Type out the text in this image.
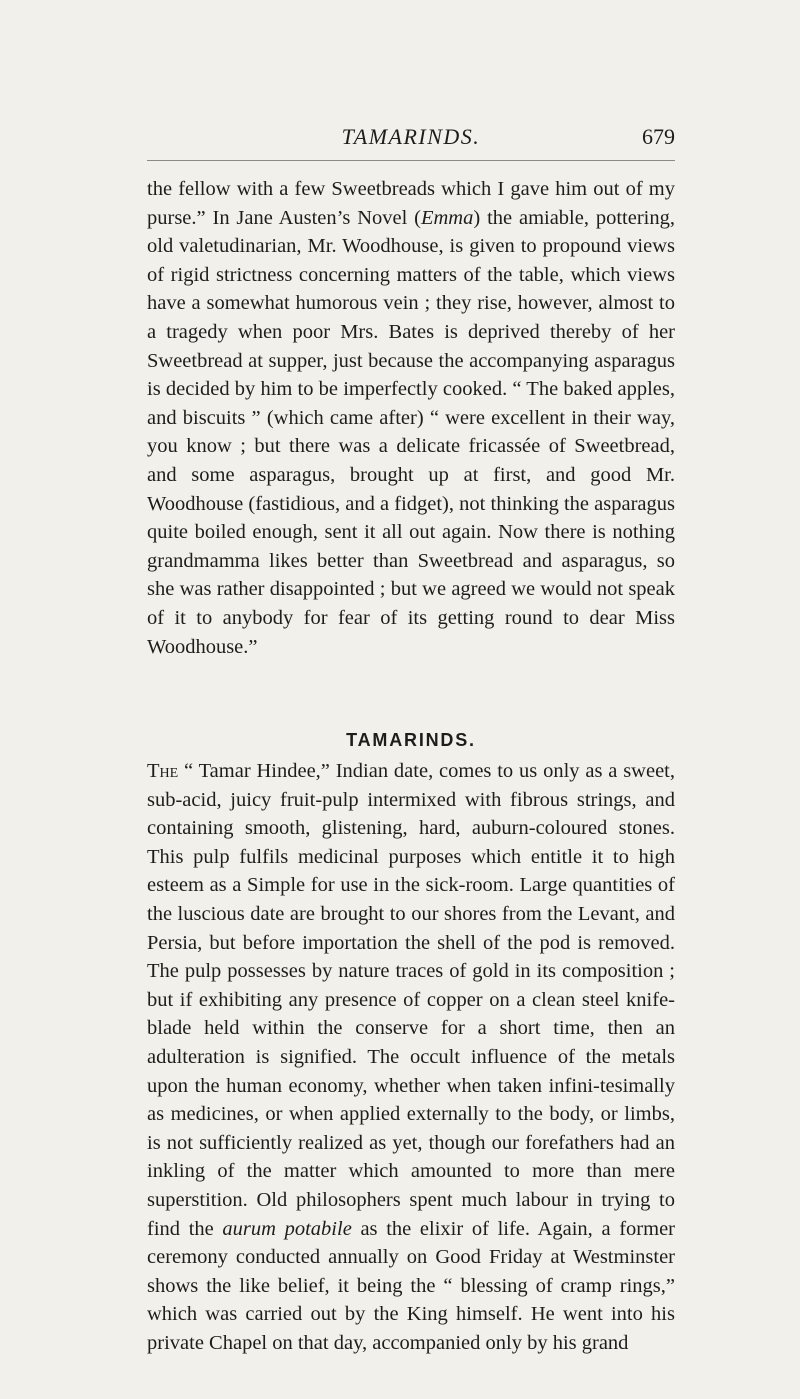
TAMARINDS.	679

the fellow with a few Sweetbreads which I gave him out of my purse.” In Jane Austen’s Novel (Emma) the amiable, pottering, old valetudinarian, Mr. Woodhouse, is given to propound views of rigid strictness concerning matters of the table, which views have a somewhat humorous vein ; they rise, however, almost to a tragedy when poor Mrs. Bates is deprived thereby of her Sweetbread at supper, just because the accompanying asparagus is decided by him to be imperfectly cooked. “ The baked apples, and biscuits ” (which came after) “ were excellent in their way, you know ; but there was a delicate fricassée of Sweetbread, and some asparagus, brought up at first, and good Mr. Woodhouse (fastidious, and a fidget), not thinking the asparagus quite boiled enough, sent it all out again. Now there is nothing grandmamma likes better than Sweetbread and asparagus, so she was rather disappointed ; but we agreed we would not speak of it to anybody for fear of its getting round to dear Miss Woodhouse.”

TAMARINDS.

The “ Tamar Hindee,” Indian date, comes to us only as a sweet, sub-acid, juicy fruit-pulp intermixed with fibrous strings, and containing smooth, glistening, hard, auburn-coloured stones. This pulp fulfils medicinal purposes which entitle it to high esteem as a Simple for use in the sick-room. Large quantities of the luscious date are brought to our shores from the Levant, and Persia, but before importation the shell of the pod is removed. The pulp possesses by nature traces of gold in its composition ; but if exhibiting any presence of copper on a clean steel knife-blade held within the conserve for a short time, then an adulteration is signified. The occult influence of the metals upon the human economy, whether when taken infini-tesimally as medicines, or when applied externally to the body, or limbs, is not sufficiently realized as yet, though our forefathers had an inkling of the matter which amounted to more than mere superstition. Old philosophers spent much labour in trying to find the aurum potabile as the elixir of life. Again, a former ceremony conducted annually on Good Friday at Westminster shows the like belief, it being the “ blessing of cramp rings,” which was carried out by the King himself. He went into his private Chapel on that day, accompanied only by his grand
